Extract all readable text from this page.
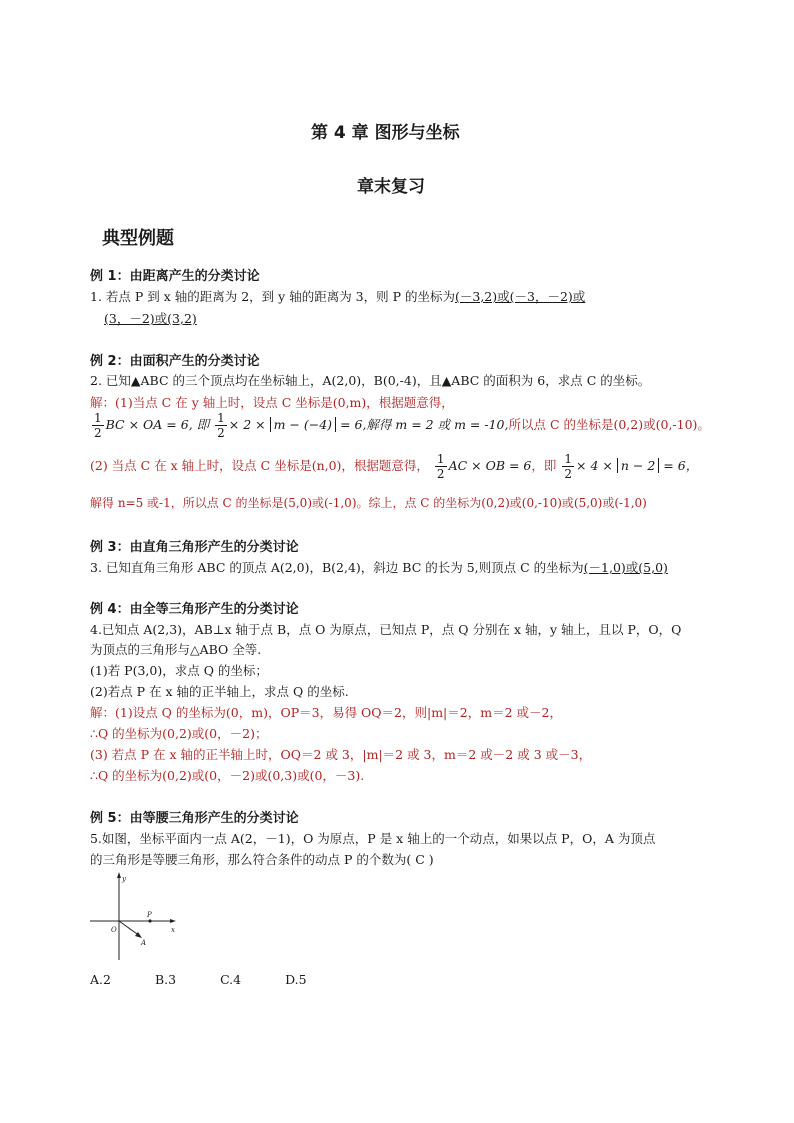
第 4 章 图形与坐标
章末复习
典型例题
例 1：由距离产生的分类讨论
1. 若点 P 到 x 轴的距离为 2，到 y 轴的距离为 3，则 P 的坐标为(－3,2)或(－3，－2)或
(3，－2)或(3,2)
例 2：由面积产生的分类讨论
2. 已知▲ABC 的三个顶点均在坐标轴上，A(2,0)，B(0,-4)，且▲ABC 的面积为 6，求点 C 的坐标。
解：(1)当点 C 在 y 轴上时，设点 C 坐标是(0,m)，根据题意得，
$\frac{1}{2}$ BC × OA = 6, 即 $\frac{1}{2} \times 2 \times m - (-4) = 6$,解得 m = 2 或 m = -10,所以点 C 的坐标是(0,2)或(0,-10)。
(2) 当点 C 在 x 轴上时，设点 C 坐标是(n,0)，根据题意得， $\frac{1}{2}$ AC × OB = 6，即 $\frac{1}{2} \times 4 \times n - 2 = 6$，
解得 n=5 或-1，所以点 C 的坐标是(5,0)或(-1,0)。综上，点 C 的坐标为(0,2)或(0,-10)或(5,0)或(-1,0)
例 3：由直角三角形产生的分类讨论
3. 已知直角三角形 ABC 的顶点 A(2,0)，B(2,4)，斜边 BC 的长为 5,则顶点 C 的坐标为(－1,0)或(5,0)
例 4：由全等三角形产生的分类讨论
4.已知点 A(2,3)，AB⊥x 轴于点 B，点 O 为原点，已知点 P，点 Q 分别在 x 轴，y 轴上，且以 P，O，Q
为顶点的三角形与△ABO 全等.
(1)若 P(3,0)，求点 Q 的坐标；
(2)若点 P 在 x 轴的正半轴上，求点 Q 的坐标.
解：(1)设点 Q 的坐标为(0，m)，OP＝3，易得 OQ＝2，则|m|＝2，m＝2 或－2，
∴Q 的坐标为(0,2)或(0，－2)；
(3) 若点 P 在 x 轴的正半轴上时，OQ＝2 或 3，|m|＝2 或 3，m＝2 或－2 或 3 或－3，
∴Q 的坐标为(0,2)或(0，－2)或(0,3)或(0，－3).
例 5：由等腰三角形产生的分类讨论
5.如图，坐标平面内一点 A(2，－1)，O 为原点，P 是 x 轴上的一个动点，如果以点 P，O，A 为顶点
的三角形是等腰三角形，那么符合条件的动点 P 的个数为( C )
y
x
O
P
A
A.2	B.3	C.4	D.5
